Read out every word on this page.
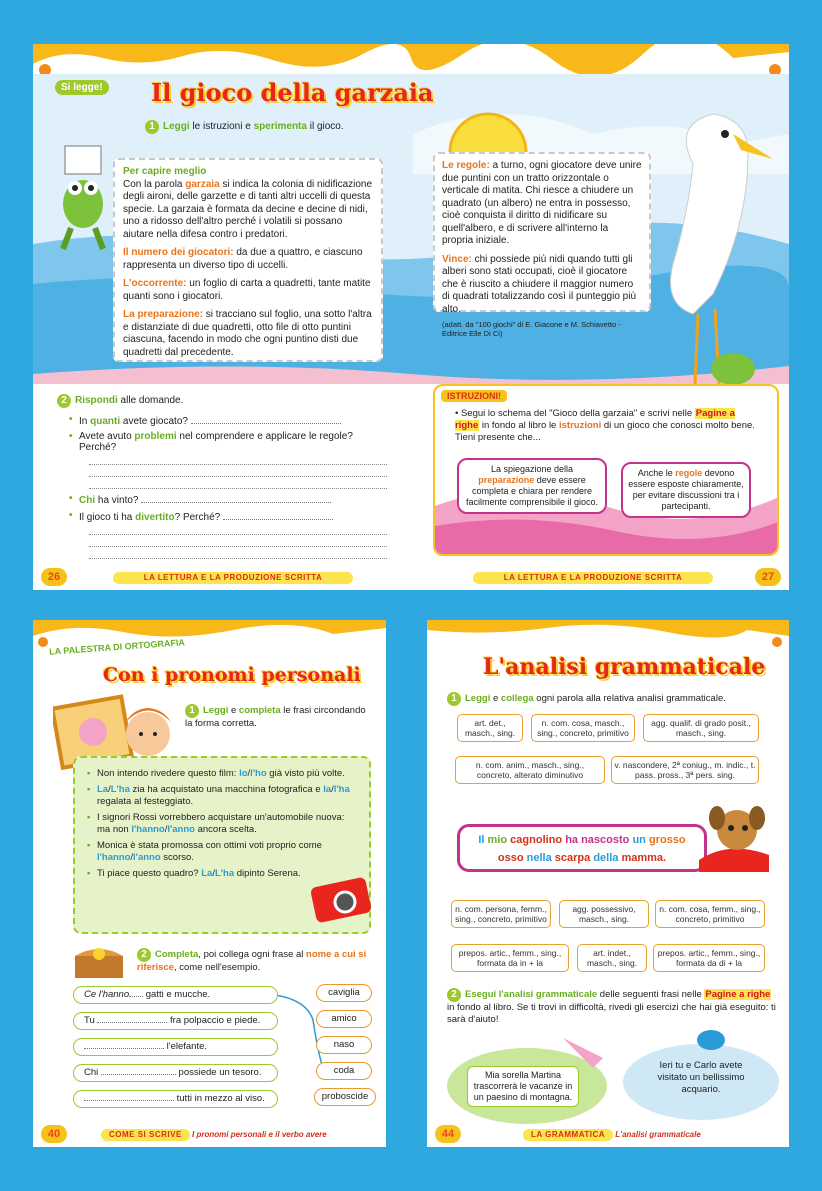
Si legge! Il gioco della garzaia
1 Leggi le istruzioni e sperimenta il gioco.
Per capire meglio

Con la parola garzaia si indica la colonia di nidificazione degli aironi, delle garzette e di tanti altri uccelli di questa specie. La garzaia è formata da decine e decine di nidi, uno a ridosso dell'altro perché i volatili si possano aiutare nella difesa contro i predatori.

Il numero dei giocatori: da due a quattro, e ciascuno rappresenta un diverso tipo di uccelli.

L'occorrente: un foglio di carta a quadretti, tante matite quanti sono i giocatori.

La preparazione: si tracciano sul foglio, una sotto l'altra e distanziate di due quadretti, otto file di otto puntini ciascuna, facendo in modo che ogni puntino disti due quadretti dal precedente.

Le regole: a turno, ogni giocatore deve unire due puntini con un tratto orizzontale o verticale di matita. Chi riesce a chiudere un quadrato (un albero) ne entra in possesso, cioè conquista il diritto di nidificare su quell'albero, e di scrivere all'interno la propria iniziale.

Vince: chi possiede più nidi quando tutti gli alberi sono stati occupati, cioè il giocatore che è riuscito a chiudere il maggior numero di quadrati totalizzando così il punteggio più alto.

(adatt. da "100 giochi" di E. Giacone e M. Schiavetto - Editrice Elle Di Ci)

2 Rispondi alle domande.
• In quanti avete giocato?
• Avete avuto problemi nel comprendere e applicare le regole? Perché?
• Chi ha vinto?
• Il gioco ti ha divertito? Perché?
ISTRUZIONI!
• Segui lo schema del "Gioco della garzaia" e scrivi nelle Pagine a righe in fondo al libro le istruzioni di un gioco che conosci molto bene. Tieni presente che...
La spiegazione della preparazione deve essere completa e chiara per rendere facilmente comprensibile il gioco.
Anche le regole devono essere esposte chiaramente, per evitare discussioni tra i partecipanti.
26	LA LETTURA E LA PRODUZIONE SCRITTA	LA LETTURA E LA PRODUZIONE SCRITTA	27
LA PALESTRA DI ORTOGRAFIA
Con i pronomi personali
1 Leggi e completa le frasi circondando la forma corretta.
• Non intendo rivedere questo film: lo/l'ho già visto più volte.
• La/L'ha zia ha acquistato una macchina fotografica e la/l'ha regalata al festeggiato.
• I signori Rossi vorrebbero acquistare un'automobile nuova: ma non l'hanno/l'anno ancora scelta.
• Monica è stata promossa con ottimi voti proprio come l'hanno/l'anno scorso.
• Ti piace questo quadro? La/L'ha dipinto Serena.
2 Completa, poi collega ogni frase al nome a cui si riferisce, come nell'esempio.
Ce l'hanno gatti e mucche.
Tu	fra polpaccio e piede.
l'elefante.
Chi	possiede un tesoro.
tutti in mezzo al viso.
caviglia
amico
naso
coda
proboscide
40	COME SI SCRIVE I pronomi personali e il verbo avere
L'analisi grammaticale
1 Leggi e collega ogni parola alla relativa analisi grammaticale.
art. det., masch., sing.
n. com. cosa, masch., sing., concreto, primitivo
agg. qualif. di grado posit., masch., sing.
n. com. anim., masch., sing., concreto, alterato diminutivo
v. nascondere, 2ª coniug., m. indic., t. pass. pross., 3ª pers. sing.
Il mio cagnolino ha nascosto un grosso osso nella scarpa della mamma.
n. com. persona, femm., sing., concreto, primitivo
agg. possessivo, masch., sing.
n. com. cosa, femm., sing., concreto, primitivo
prepos. artic., femm., sing., formata da in + la
art. indet., masch., sing.
prepos. artic., femm., sing., formata da di + la
2 Esegui l'analisi grammaticale delle seguenti frasi nelle Pagine a righe in fondo al libro. Se ti trovi in difficoltà, rivedi gli esercizi che hai già eseguito: ti sarà d'aiuto!
Mia sorella Martina trascorrerà le vacanze in un paesino di montagna.
Ieri tu e Carlo avete visitato un bellissimo acquario.
44	LA GRAMMATICA L'analisi grammaticale
